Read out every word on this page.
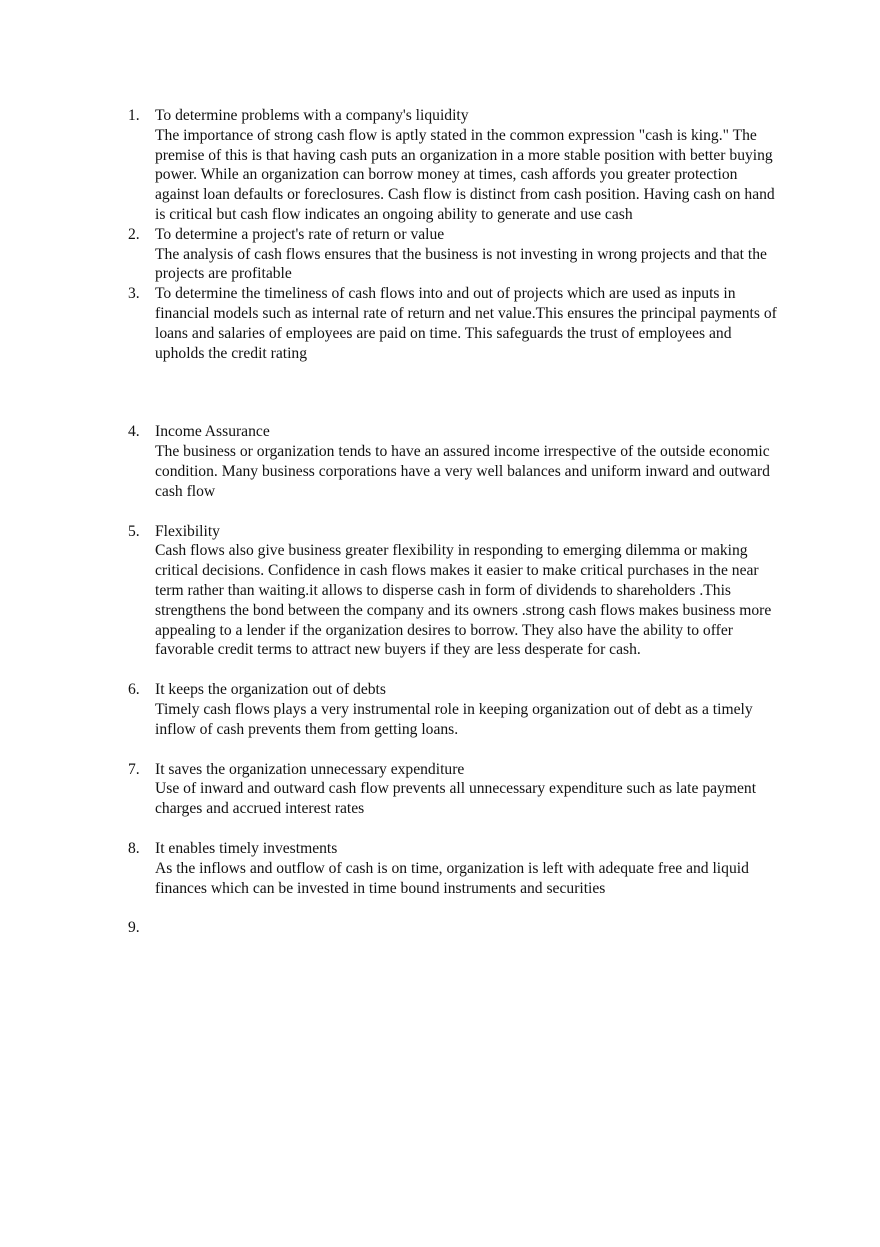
1. To determine problems with a company's liquidity
The importance of strong cash flow is aptly stated in the common expression "cash is king." The premise of this is that having cash puts an organization in a more stable position with better buying power. While an organization can borrow money at times, cash affords you greater protection against loan defaults or foreclosures. Cash flow is distinct from cash position. Having cash on hand is critical but cash flow indicates an ongoing ability to generate and use cash
2. To determine a project's rate of return or value
The analysis of cash flows ensures that the business is not investing in wrong projects and that the projects are profitable
3. To determine the timeliness of cash flows into and out of projects which are used as inputs in financial models such as internal rate of return and net value.This ensures the principal payments of loans and salaries of employees are paid on time. This safeguards the trust of employees and upholds the credit rating
4. Income Assurance
The business or organization tends to have an assured income irrespective of the outside economic condition. Many business corporations have a very well balances and uniform inward and outward cash flow
5. Flexibility
Cash flows also give business greater flexibility in responding to emerging dilemma or making critical decisions. Confidence in cash flows makes it easier to make critical purchases in the near term rather than waiting.it allows to disperse cash in form of dividends to shareholders .This strengthens the bond between the company and its owners .strong cash flows makes business more appealing to a lender if the organization desires to borrow. They also have the ability to offer favorable credit terms to attract new buyers if they are less desperate for cash.
6. It keeps the organization out of debts
Timely cash flows plays a very instrumental role in keeping organization out of debt as a timely inflow of cash prevents them from getting loans.
7. It saves the organization unnecessary expenditure
Use of inward and outward cash flow prevents all unnecessary expenditure such as late payment charges and accrued interest rates
8. It enables timely investments
As the inflows and outflow of cash is on time, organization is left with adequate free and liquid finances which can be invested in time bound instruments and securities
9.
